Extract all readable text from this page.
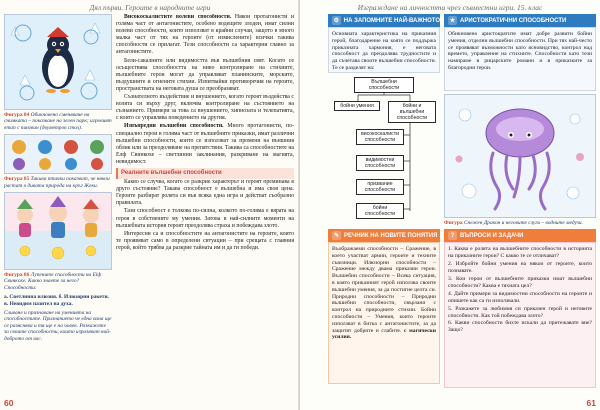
Дял първи. Героите в народните игри
Фигура 84 Обикновено сменяване на снимката – показване на зелен парк; игровият етап с пингвин (двуметров стол).
Фигура 85 Такива птички показват, че някои растат в дивата природа на кръг Жеки.
Фигура 86 Лупените способности на Еlф Свинкoхе. Какво знаете за него? Способности:
а. Светлинна илюзия. б. Илюзорни ракети. в. Невидим пазител на духа.
Сливане и признаване на уменията на способностите. Признанието че една вана ще се разяснява и тя ще е на човек. Разкажете за своите способности, които изразяват най-доброто от вас.

Високоскалистите волеви способности. Някои протагонисти и голяма част от антагонистите, особено водещите злодеи, имат силни волеви способности, които използват в крайни случаи, защото в много малка част от тях на героите (от измислените) всички такива способности се прилагат. Тези способности са характерни главно за антагонистите.

Бели-сакалните или видимостта във вълшебния свят. Когато се осъществява способността на ниво контролиране на стихиите, вълшебните герои могат да управляват планинските, морските, въздушните и огнените стихии. Изпитвайки противоречия на героите, пространствата на неговата душа се преобразяват.

Съзнателното въздействие и внушението, когато героят въздейства с волята си върху друг, включва контролиране на състоянието на съзнанието. Примери за това са внушението, хипнозата и телепатията, с които се управлява поведението на другия.

Извънредни вълшебни способности. Много протагонисти, по-специално герои в голяма част от вълшебните приказки, имат различни вълшебни способности, които се използват за промени на външния облик или за преодоляване на препятствия. Такива са способностите на Елф Свинкохе – светлинни заклинания, разкриване на магията, невидимост.

Реалните вълшебни способности

Какво се случва, когато се разкрие характерът и героят преминава в друго състояние? Такава способност е вълшебна и има своя цена. Героите разбират ролята си във всяка една игра и действат съобразно правилата.

Тази способност е толкова по-силна, колкото по-голяма е вярата на героя в собствените му умения. Затова в най-силните моменти на вълшебната история героят преодолява страха и побеждава злото.

Интересни са и способностите на антагонистите на героите, които те проявяват само в определени ситуации – при срещата с главния герой, който трябва да разкрие тайната им и да ги победи.

60
Изграждане на личността чрез съвместни игри. 15. клас
⚙ НА ЗАПОМНИТЕ НАЙ-ВАЖНОТО
Основната характеристика на приказния герой, благодарение на която се поддържа приказната хармония, е неговата способност да преодолява трудностите и да съчетава своите вълшебни способности. Те се разделят на:
Вълшебни способности
бойни умения	бойни и вълшебни способности
високоскалисти способности
видимостни способности
призвание способности
бойни способности
✎ РЕЧНИК НА НОВИТЕ ПОНЯТИЯ
Въображаеми способности – Сражение, в което участват армии, героите и техните съюзници. Илюзорни способности – Сражение между двама приказни герои. Вълшебни способности – Всяка ситуация, в която приказният герой използва своите вълшебни умения, за да постигне целта си. Природни способности – Природни вълшебни способности, свързани с контрол на природните стихии. Бойни способности – Умения, които героите използват в битка с антагонистите, за да защитят добрите и слабите. с магически усилия.
★ АРИСТОКРАТИЧНИ СПОСОБНОСТИ
Обикновено аристократите имат добре развити бойни умения, отделни вълшебни способности. При тях най-често се проявяват възможности като ясновидство, контрол над времето, управление на стихиите. Способности като тези намираме в рицарските романи и в приказките за благородни герои.
Фигура Снежен Дракон и неговите слуги – водните медузи.
? ВЪПРОСИ И ЗАДАЧИ
1. Каква е ролята на вълшебните способности в историята на приказните герои? С какво те се отличават?
2. Избройте бойни умения на някои от героите, които познавате.
3. Кои герои от вълшебните приказки имат вълшебни способности? Каква е тяхната цел?
4. Дайте примери за видимостни способности на героите и опишете как са ги използвали.
5. Разкажете за любимия си приказен герой и неговите способности. Как той побеждава злото?
6. Какви способности бихте искали да притежавате вие? Защо?
61
